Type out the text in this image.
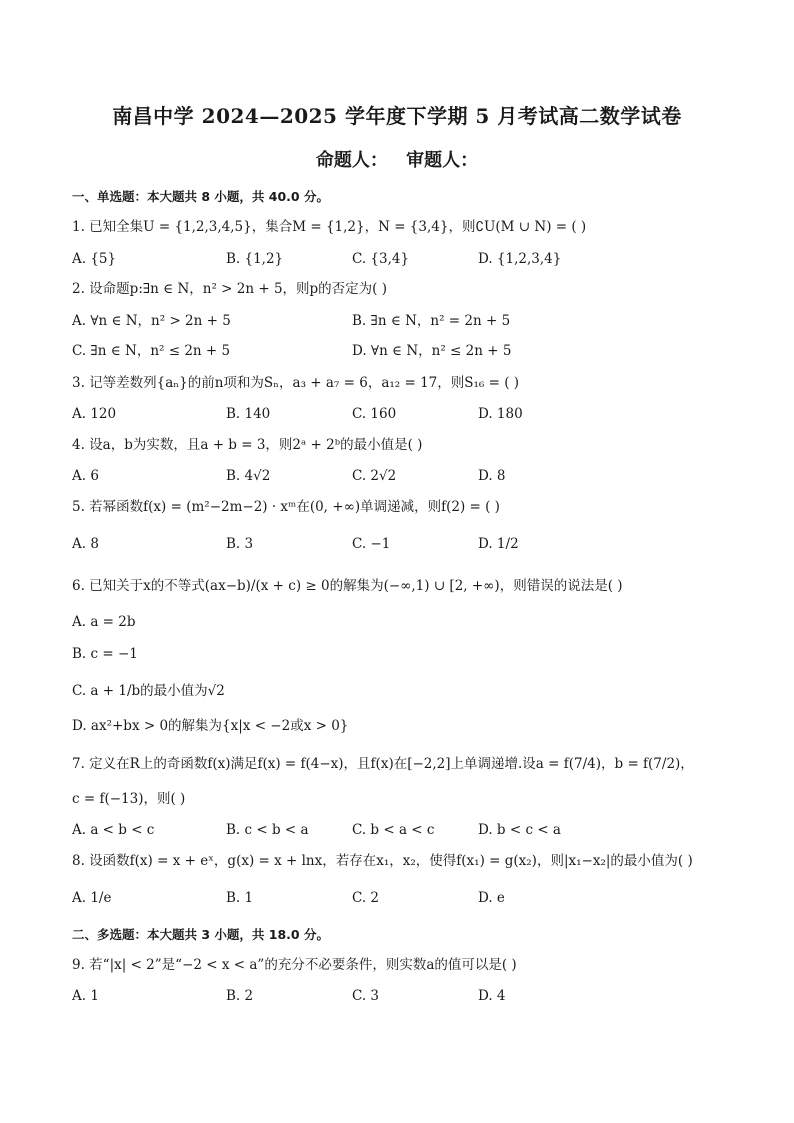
南昌中学 2024—2025 学年度下学期 5 月考试高二数学试卷
命题人： 审题人：
一、单选题：本大题共 8 小题，共 40.0 分。
1. 已知全集U = {1,2,3,4,5}，集合M = {1,2}，N = {3,4}，则∁U(M ∪ N) = ( )
A. {5}	B. {1,2}	C. {3,4}	D. {1,2,3,4}
2. 设命题p:∃n ∈ N，n² > 2n + 5，则p的否定为( )
A. ∀n ∈ N，n² > 2n + 5	B. ∃n ∈ N，n² = 2n + 5
C. ∃n ∈ N，n² ≤ 2n + 5	D. ∀n ∈ N，n² ≤ 2n + 5
3. 记等差数列{aₙ}的前n项和为Sₙ，a₃ + a₇ = 6，a₁₂ = 17，则S₁₆ = ( )
A. 120	B. 140	C. 160	D. 180
4. 设a，b为实数，且a + b = 3，则2ᵃ + 2ᵇ的最小值是( )
A. 6	B. 4√2	C. 2√2	D. 8
5. 若幂函数f(x) = (m²−2m−2) · xᵐ在(0, +∞)单调递减，则f(2) = ( )
A. 8	B. 3	C. −1	D. 1/2
6. 已知关于x的不等式(ax−b)/(x + c) ≥ 0的解集为(−∞,1) ∪ [2, +∞)，则错误的说法是( )
A. a = 2b
B. c = −1
C. a + 1/b的最小值为√2
D. ax²+bx > 0的解集为{x|x < −2或x > 0}
7. 定义在R上的奇函数f(x)满足f(x) = f(4−x)，且f(x)在[−2,2]上单调递增.设a = f(7/4)，b = f(7/2)，
c = f(−13)，则( )
A. a < b < c	B. c < b < a	C. b < a < c	D. b < c < a
8. 设函数f(x) = x + eˣ，g(x) = x + lnx，若存在x₁，x₂，使得f(x₁) = g(x₂)，则|x₁−x₂|的最小值为( )
A. 1/e	B. 1	C. 2	D. e
二、多选题：本大题共 3 小题，共 18.0 分。
9. 若“|x| < 2”是“−2 < x < a”的充分不必要条件，则实数a的值可以是( )
A. 1	B. 2	C. 3	D. 4
